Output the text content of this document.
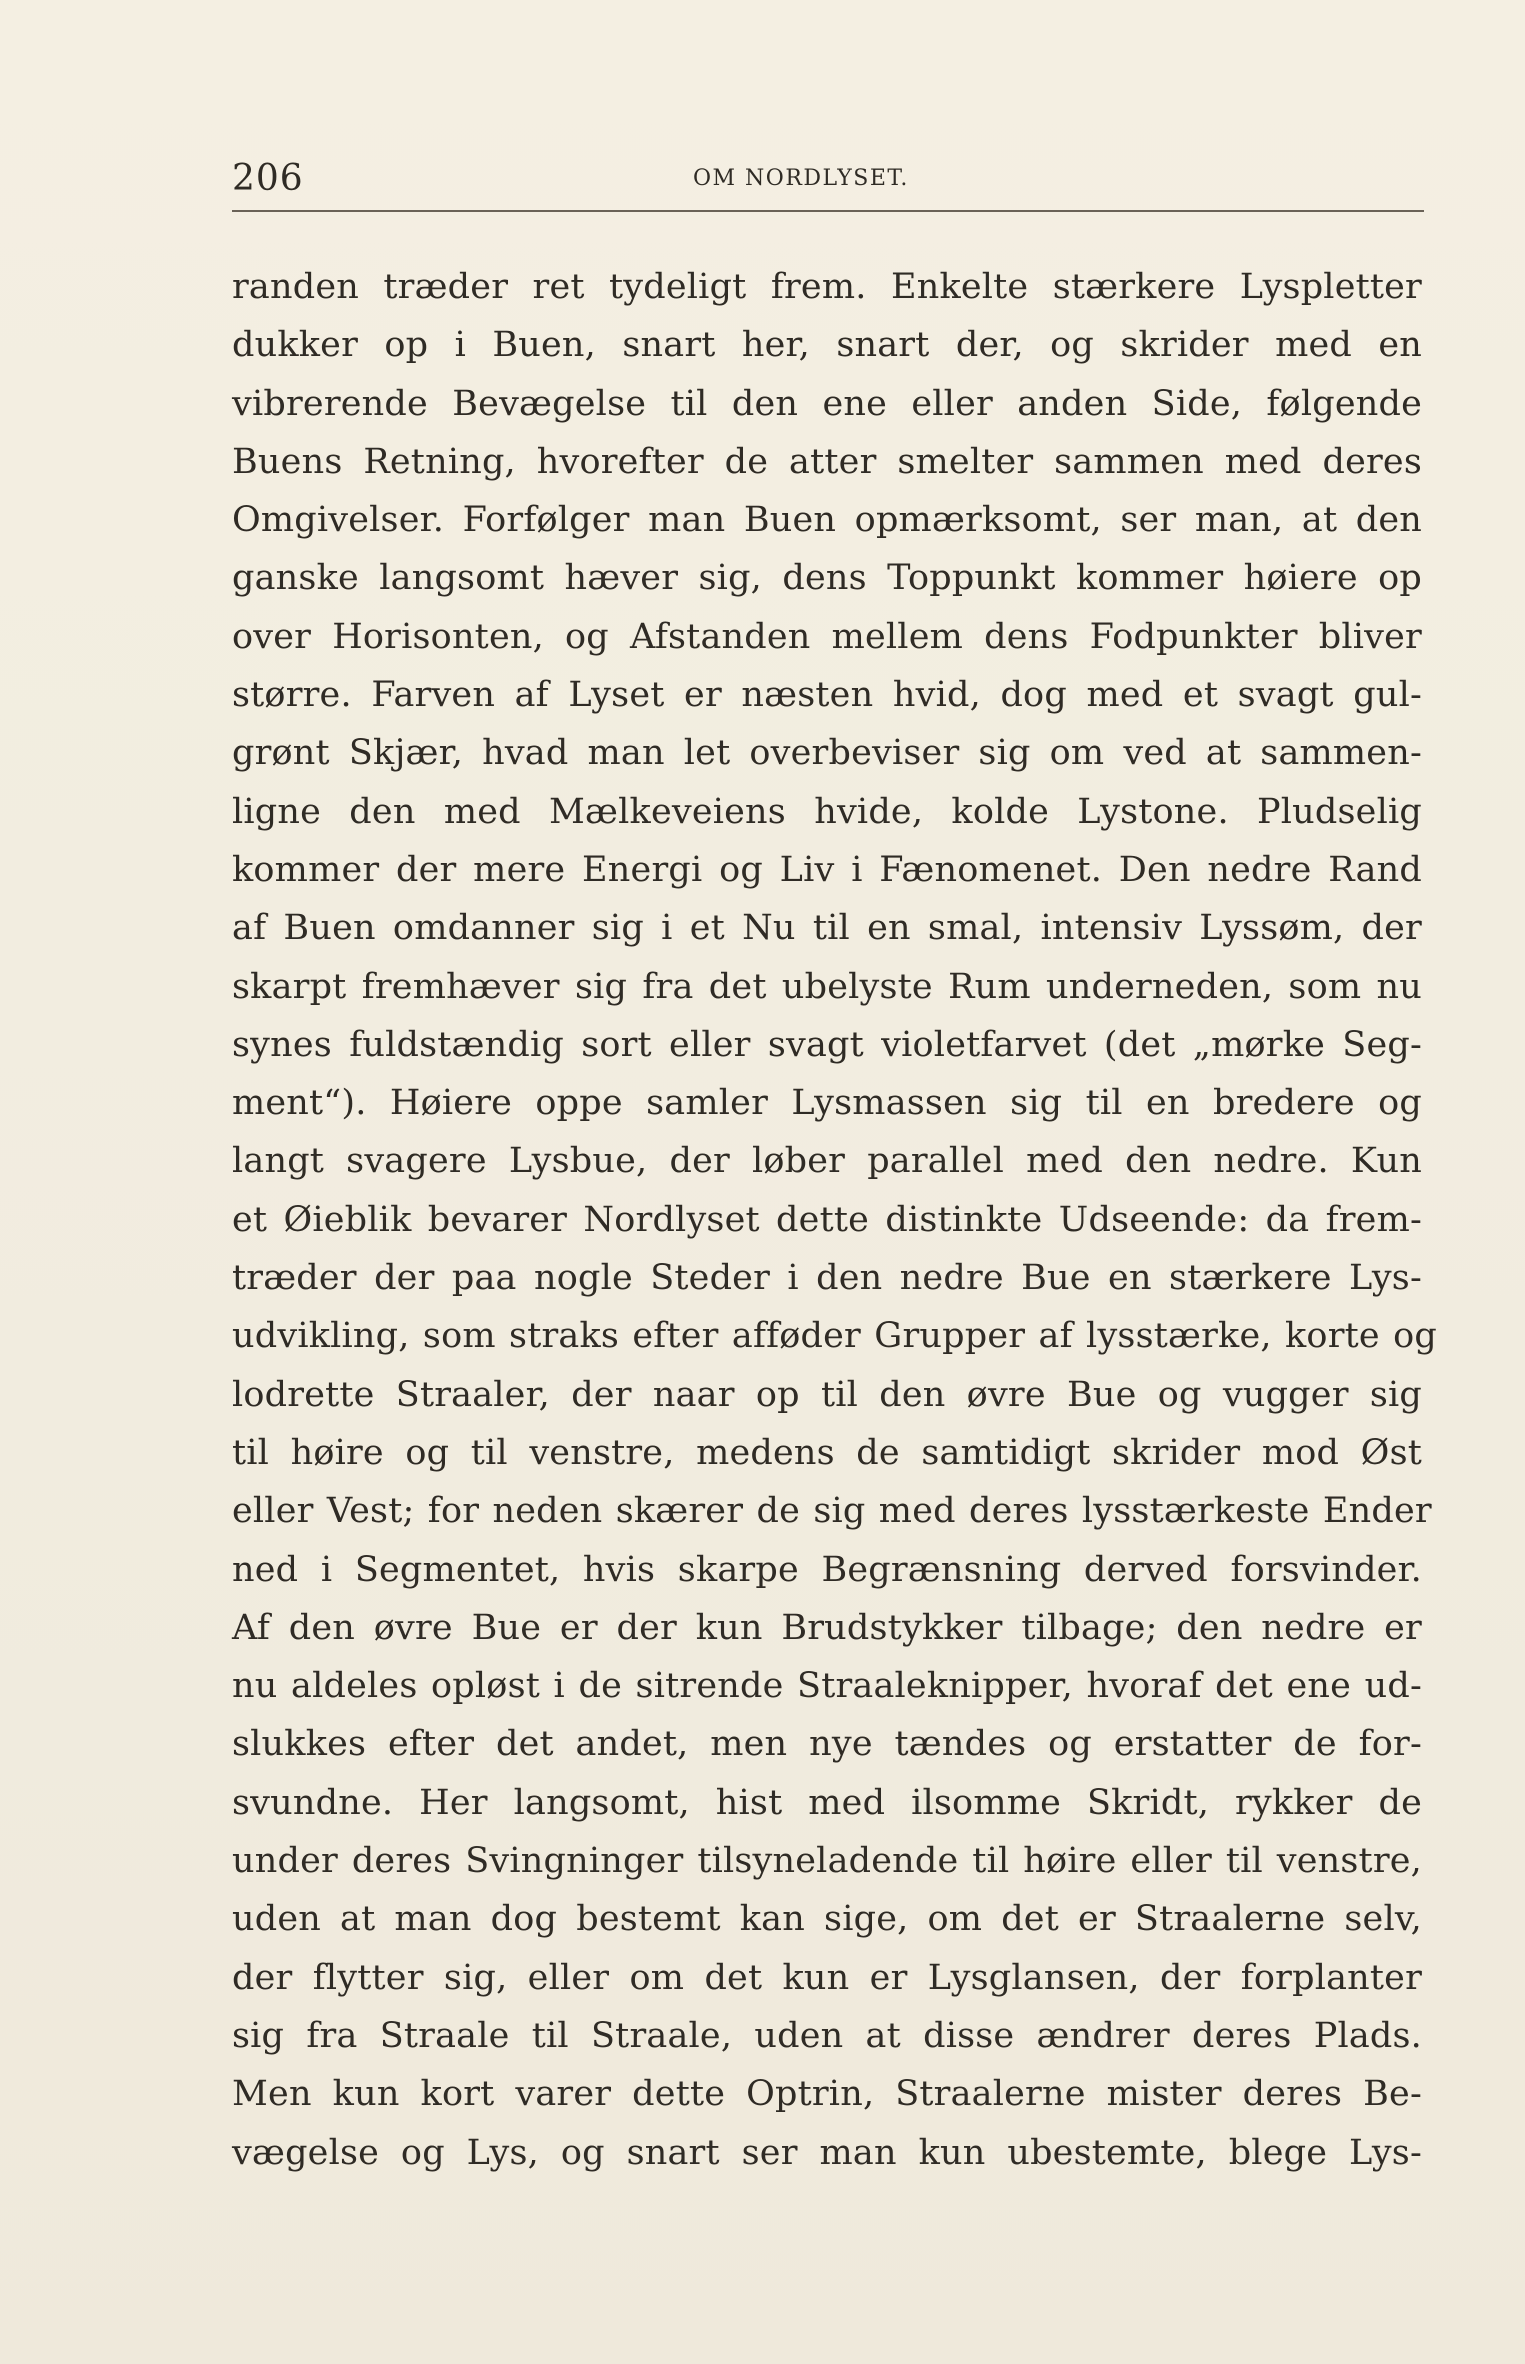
206	OM NORDLYSET.
randen træder ret tydeligt frem. Enkelte stærkere Lyspletter
dukker op i Buen, snart her, snart der, og skrider med en
vibrerende Bevægelse til den ene eller anden Side, følgende
Buens Retning, hvorefter de atter smelter sammen med deres
Omgivelser. Forfølger man Buen opmærksomt, ser man, at den
ganske langsomt hæver sig, dens Toppunkt kommer høiere op
over Horisonten, og Afstanden mellem dens Fodpunkter bliver
større. Farven af Lyset er næsten hvid, dog med et svagt gul-
grønt Skjær, hvad man let overbeviser sig om ved at sammen-
ligne den med Mælkeveiens hvide, kolde Lystone. Pludselig
kommer der mere Energi og Liv i Fænomenet. Den nedre Rand
af Buen omdanner sig i et Nu til en smal, intensiv Lyssøm, der
skarpt fremhæver sig fra det ubelyste Rum underneden, som nu
synes fuldstændig sort eller svagt violetfarvet (det „mørke Seg-
ment“). Høiere oppe samler Lysmassen sig til en bredere og
langt svagere Lysbue, der løber parallel med den nedre. Kun
et Øieblik bevarer Nordlyset dette distinkte Udseende: da frem-
træder der paa nogle Steder i den nedre Bue en stærkere Lys-
udvikling, som straks efter afføder Grupper af lysstærke, korte og
lodrette Straaler, der naar op til den øvre Bue og vugger sig
til høire og til venstre, medens de samtidigt skrider mod Øst
eller Vest; for neden skærer de sig med deres lysstærkeste Ender
ned i Segmentet, hvis skarpe Begrænsning derved forsvinder.
Af den øvre Bue er der kun Brudstykker tilbage; den nedre er
nu aldeles opløst i de sitrende Straaleknipper, hvoraf det ene ud-
slukkes efter det andet, men nye tændes og erstatter de for-
svundne. Her langsomt, hist med ilsomme Skridt, rykker de
under deres Svingninger tilsyneladende til høire eller til venstre,
uden at man dog bestemt kan sige, om det er Straalerne selv,
der flytter sig, eller om det kun er Lysglansen, der forplanter
sig fra Straale til Straale, uden at disse ændrer deres Plads.
Men kun kort varer dette Optrin, Straalerne mister deres Be-
vægelse og Lys, og snart ser man kun ubestemte, blege Lys-
